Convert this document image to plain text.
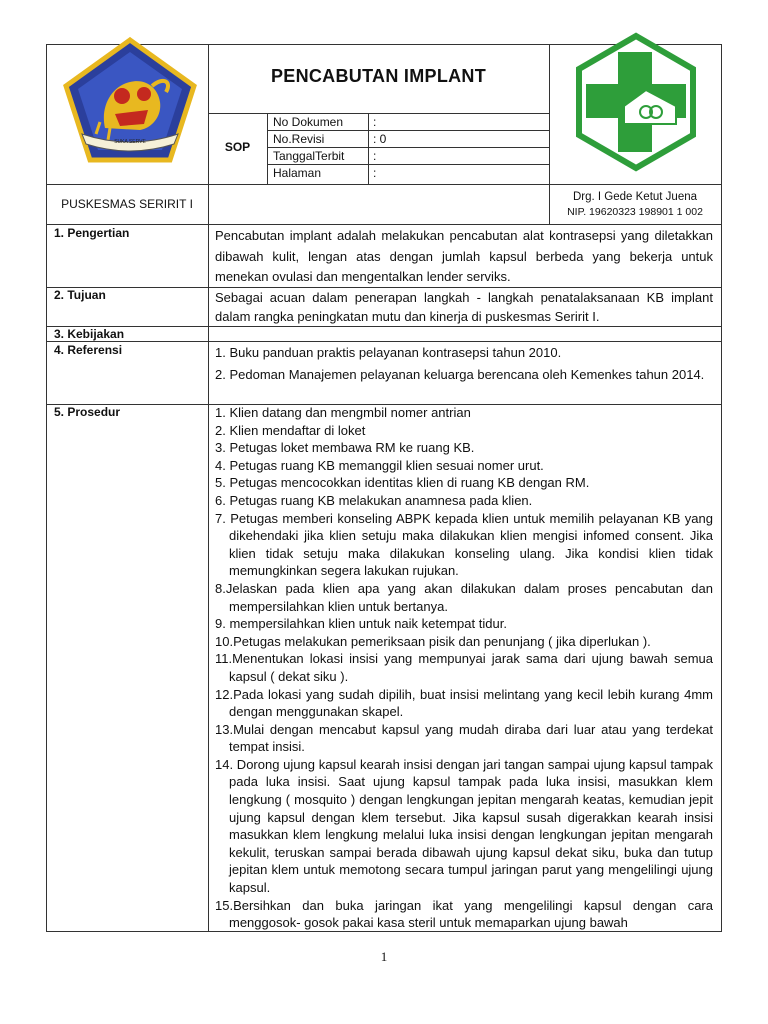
SUKA SERVE
PENCABUTAN IMPLANT
SOP
No Dokumen :
No.Revisi	: 0
TanggalTerbit :
Halaman	:
PUSKESMAS SERIRIT I	Drg. I Gede Ketut Juena
NIP. 19620323 198901 1 002
1. Pengertian	Pencabutan implant adalah melakukan pencabutan alat kontrasepsi yang diletakkan dibawah kulit, lengan atas dengan jumlah kapsul berbeda yang bekerja untuk menekan ovulasi dan mengentalkan lender serviks.
2. Tujuan	Sebagai acuan dalam penerapan langkah - langkah penatalaksanaan KB implant dalam rangka peningkatan mutu dan kinerja di puskesmas Seririt I.
3. Kebijakan
4. Referensi	1. Buku panduan praktis pelayanan kontrasepsi tahun 2010.

2. Pedoman Manajemen pelayanan keluarga berencana oleh Kemenkes tahun 2014.

5. Prosedur	1. Klien datang dan mengmbil nomer antrian
2. Klien mendaftar di loket
3. Petugas loket membawa RM ke ruang KB.
4. Petugas ruang KB memanggil klien sesuai nomer urut.
5. Petugas mencocokkan identitas klien di ruang KB dengan RM.
6. Petugas ruang KB melakukan anamnesa pada klien.
7. Petugas memberi konseling ABPK kepada klien untuk memilih pelayanan KB yang dikehendaki jika klien setuju maka dilakukan klien mengisi infomed consent. Jika klien tidak setuju maka dilakukan konseling ulang. Jika kondisi klien tidak memungkinkan segera lakukan rujukan.
8.Jelaskan pada klien apa yang akan dilakukan dalam proses pencabutan dan mempersilahkan klien untuk bertanya.
9. mempersilahkan klien untuk naik ketempat tidur.
10.Petugas melakukan pemeriksaan pisik dan penunjang ( jika diperlukan ).
11.Menentukan lokasi insisi yang mempunyai jarak sama dari ujung bawah semua kapsul ( dekat siku ).
12.Pada lokasi yang sudah dipilih, buat insisi melintang yang kecil lebih kurang 4mm dengan menggunakan skapel.
13.Mulai dengan mencabut kapsul yang mudah diraba dari luar atau yang terdekat tempat insisi.
14. Dorong ujung kapsul kearah insisi dengan jari tangan sampai ujung kapsul tampak pada luka insisi. Saat ujung kapsul tampak pada luka insisi, masukkan klem lengkung ( mosquito ) dengan lengkungan jepitan mengarah keatas, kemudian jepit ujung kapsul dengan klem tersebut. Jika kapsul susah digerakkan kearah insisi masukkan klem lengkung melalui luka insisi dengan lengkungan jepitan mengarah kekulit, teruskan sampai berada dibawah ujung kapsul dekat siku, buka dan tutup jepitan klem untuk memotong secara tumpul jaringan parut yang mengelilingi ujung kapsul.
15.Bersihkan dan buka jaringan ikat yang mengelilingi kapsul dengan cara menggosok- gosok pakai kasa steril untuk memaparkan ujung bawah
1
